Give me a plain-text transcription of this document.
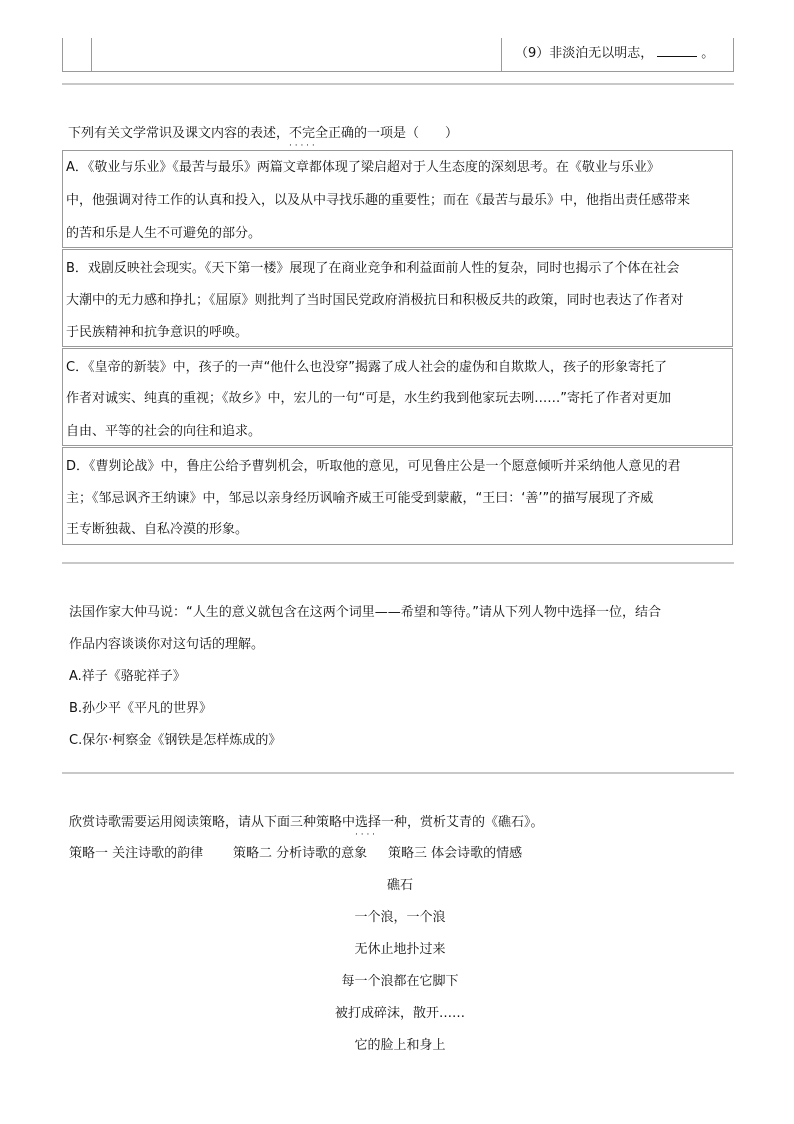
（9）非淡泊无以明志，	。
下列有关文学常识及课文内容的表述，不完全正确 · · ·的一项是（　　）
A．《敬业与乐业》《最苦与最乐》两篇文章都体现了梁启超对于人生态度的深刻思考。在《敬业与乐业》
中，他强调对待工作的认真和投入，以及从中寻找乐趣的重要性；而在《最苦与最乐》中，他指出责任感带来
的苦和乐是人生不可避免的部分。
B．戏剧反映社会现实。《天下第一楼》展现了在商业竞争和利益面前人性的复杂，同时也揭示了个体在社会
大潮中的无力感和挣扎；《屈原》则批判了当时国民党政府消极抗日和积极反共的政策，同时也表达了作者对
于民族精神和抗争意识的呼唤。
C．《皇帝的新装》中，孩子的一声“他什么也没穿”揭露了成人社会的虚伪和自欺欺人，孩子的形象寄托了
作者对诚实、纯真的重视；《故乡》中，宏儿的一句“可是，水生约我到他家玩去咧……”寄托了作者对更加
自由、平等的社会的向往和追求。
D．《曹刿论战》中，鲁庄公给予曹刿机会，听取他的意见，可见鲁庄公是一个愿意倾听并采纳他人意见的君
主；《邹忌讽齐王纳谏》中，邹忌以亲身经历讽喻齐威王可能受到蒙蔽，“王曰：‘善’”的描写展现了齐威
王专断独裁、自私冷漠的形象。
法国作家大仲马说：“人生的意义就包含在这两个词里——希望和等待。”请从下列人物中选择一位，结合
作品内容谈谈你对这句话的理解。
A.祥子《骆驼祥子》
B.孙少平《平凡的世界》
C.保尔·柯察金《钢铁是怎样炼成的》
欣赏诗歌需要运用阅读策略，请从下面三种策略中选择一种 · · · ·，赏析艾青的《礁石》。
策略一 关注诗歌的韵律 策略二 分析诗歌的意象 策略三 体会诗歌的情感
礁石
一个浪，一个浪
无休止地扑过来
每一个浪都在它脚下
被打成碎沫，散开……
它的脸上和身上
